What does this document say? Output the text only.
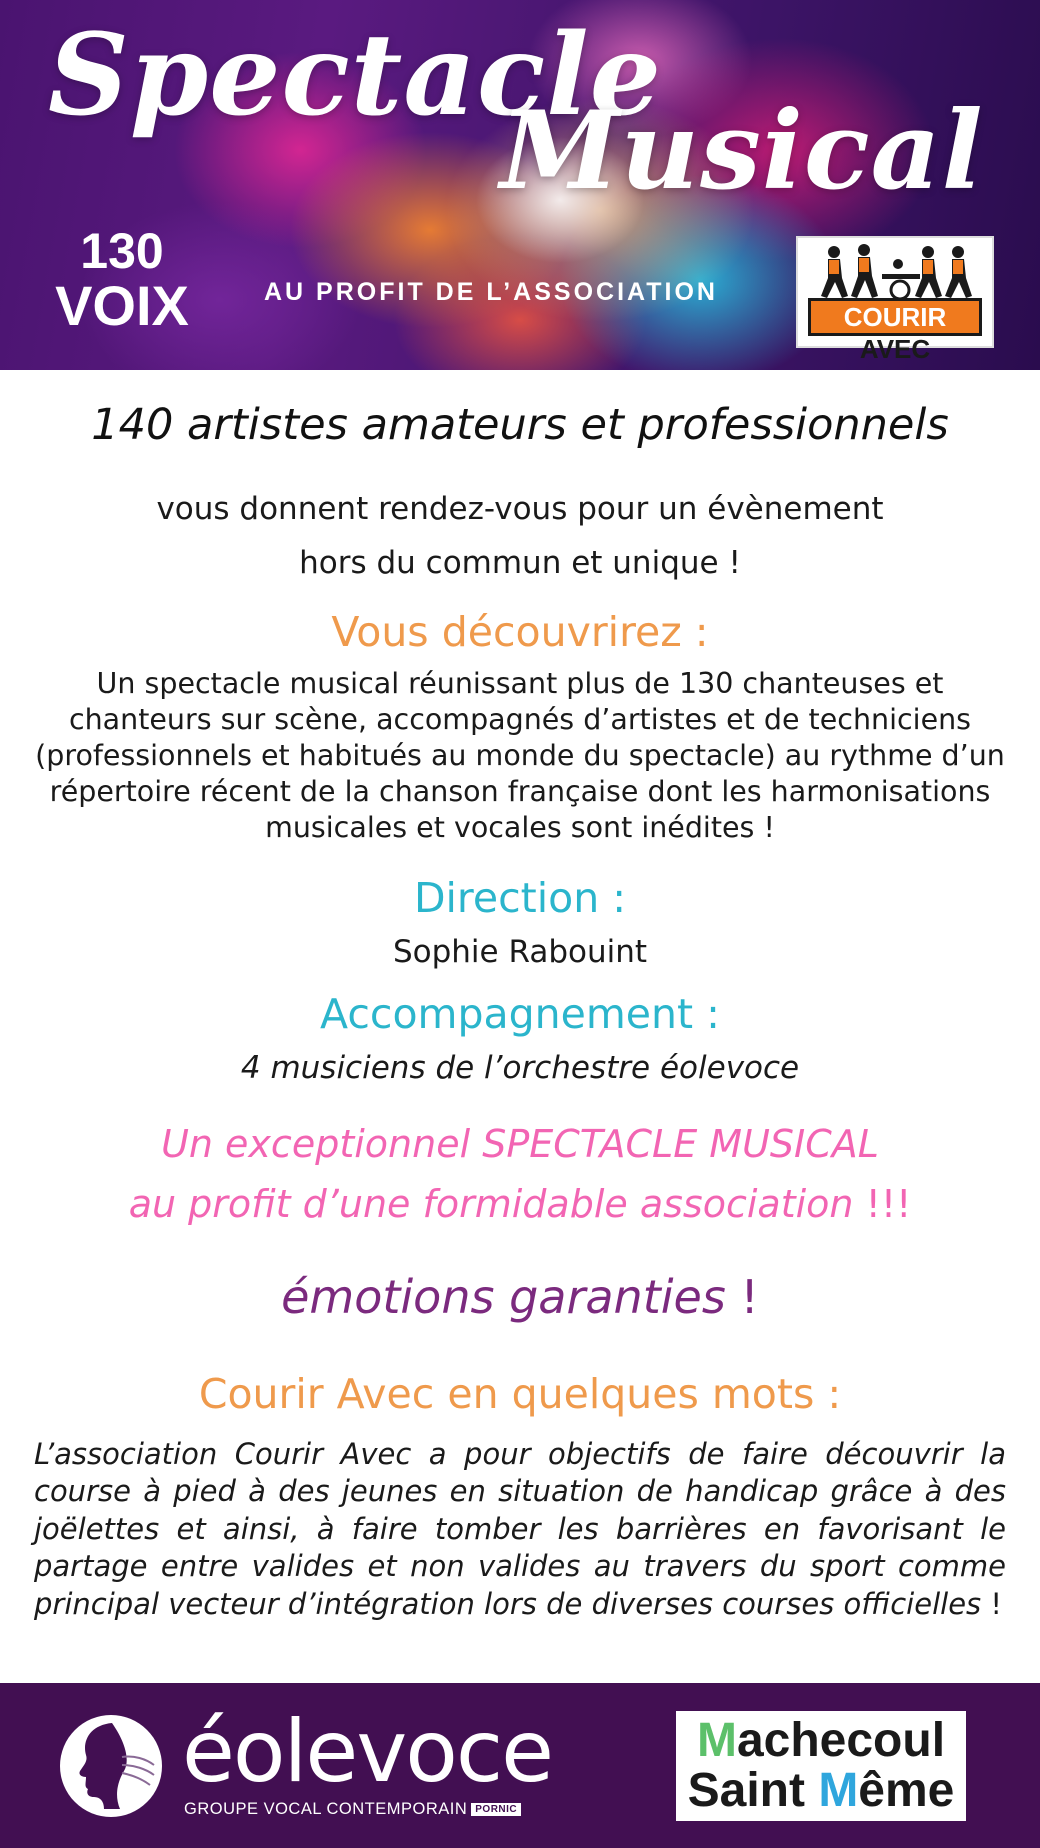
Spectacle
Musical
130
VOIX	AU PROFIT DE L’ASSOCIATION
COURIR AVEC
140 artistes amateurs et professionnels
vous donnent rendez-vous pour un évènement
hors du commun et unique !
Vous découvrirez :
Un spectacle musical réunissant plus de 130 chanteuses et chanteurs sur scène, accompagnés d’artistes et de techniciens (professionnels et habitués au monde du spectacle) au rythme d’un répertoire récent de la chanson française dont les harmonisations musicales et vocales sont inédites !
Direction :
Sophie Rabouint
Accompagnement :
4 musiciens de l’orchestre éolevoce
Un exceptionnel SPECTACLE MUSICAL
au profit d’une formidable association !!!
émotions garanties !
Courir Avec en quelques mots :
L’association Courir Avec a pour objectifs de faire découvrir la course à pied à des jeunes en situation de handicap grâce à des joëlettes et ainsi, à faire tomber les barrières en favorisant le partage entre valides et non valides au travers du sport comme principal vecteur d’intégration lors de diverses courses officielles !
éolevoce
GROUPE VOCAL CONTEMPORAIN PORNIC
Machecoul
Saint Même
